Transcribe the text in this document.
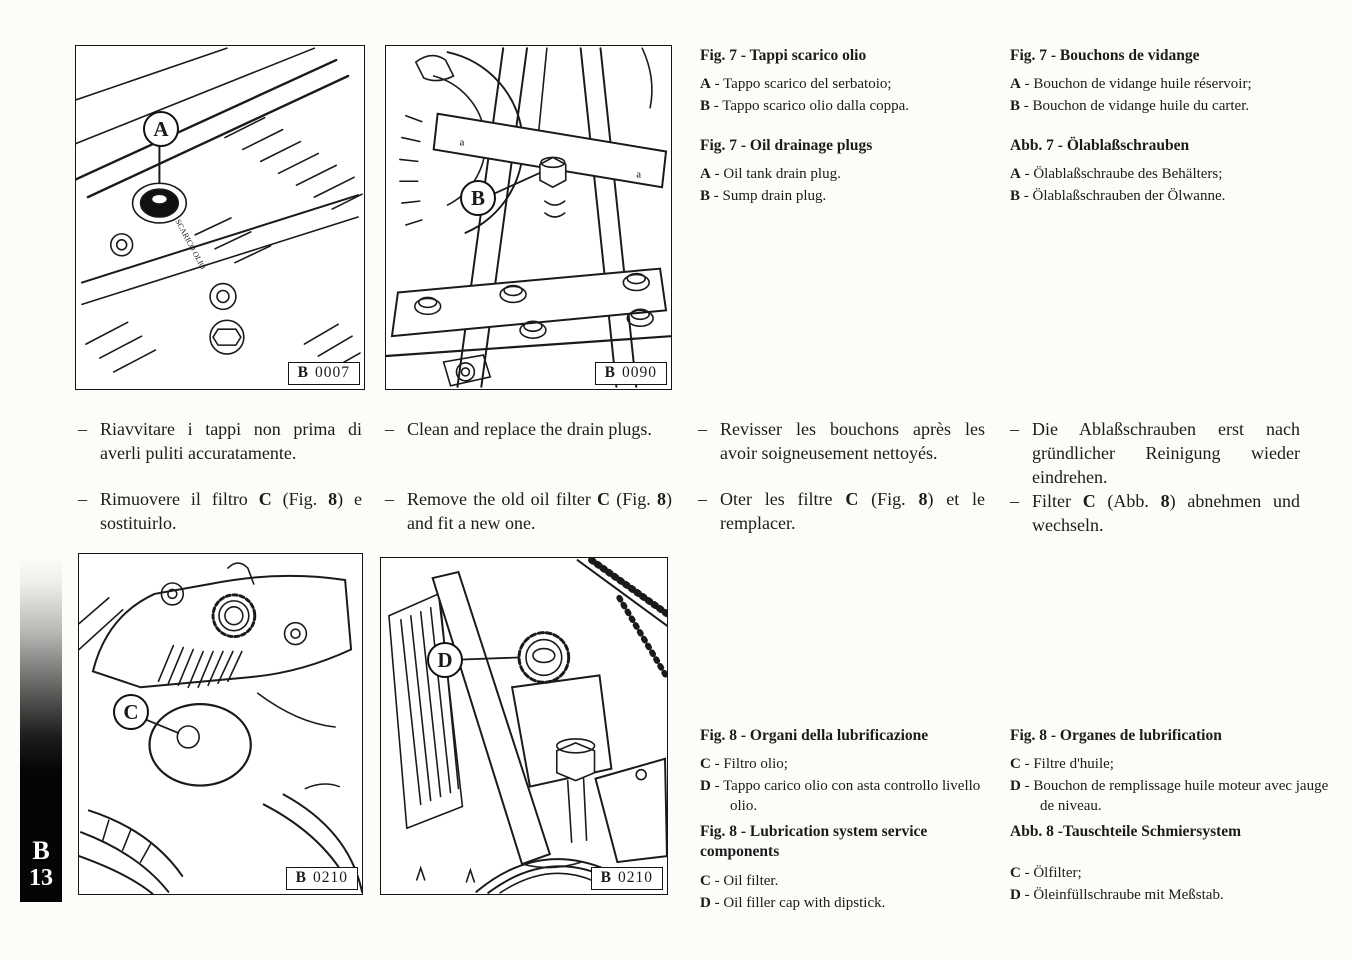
SCARICO OLIO
A
B 0007
a
a
B
B 0090
Fig. 7 - Tappi scarico olio
A - Tappo scarico del serbatoio;
B - Tappo scarico olio dalla coppa.
Fig. 7 - Oil drainage plugs
A - Oil tank drain plug.
B - Sump drain plug.
Fig. 7 - Bouchons de vidange
A - Bouchon de vidange huile réservoir;
B - Bouchon de vidange huile du carter.
Abb. 7 - Ölablaßschrauben
A - Ölablaßschraube des Behälters;
B - Ölablaßschrauben der Ölwanne.
– Riavvitare i tappi non prima di averli puliti accuratamente.
– Rimuovere il filtro C (Fig. 8) e sostituirlo.
– Clean and replace the drain plugs.
– Remove the old oil filter C (Fig. 8) and fit a new one.
– Revisser les bouchons après les avoir soigneusement nettoyés.
– Oter les filtre C (Fig. 8) et le remplacer.
– Die Ablaßschrauben erst nach gründlicher Reinigung wieder eindrehen.
– Filter C (Abb. 8) abnehmen und wechseln.
C
B 0210
D
B 0210
Fig. 8 - Organi della lubrificazione
C - Filtro olio;
D - Tappo carico olio con asta controllo livello olio.
Fig. 8 - Lubrication system service components
C - Oil filter.
D - Oil filler cap with dipstick.
Fig. 8 - Organes de lubrification
C - Filtre d'huile;
D - Bouchon de remplissage huile moteur avec jauge de niveau.
Abb. 8 -Tauschteile Schmiersystem
C - Ölfilter;
D - Öleinfüllschraube mit Meßstab.
B
13
